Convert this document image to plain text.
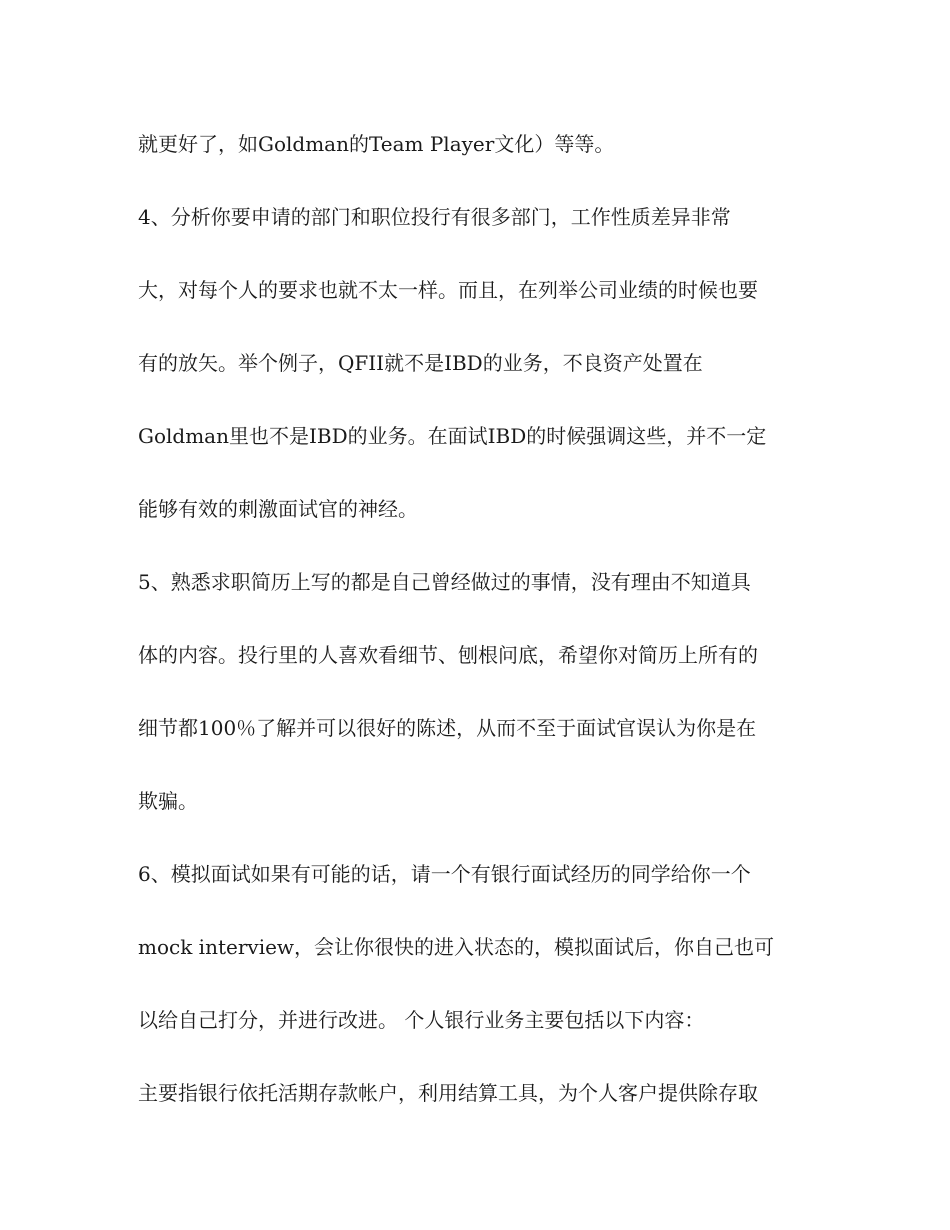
就更好了，如Goldman的Team Player文化）等等。
4、分析你要申请的部门和职位投行有很多部门，工作性质差异非常
大，对每个人的要求也就不太一样。而且，在列举公司业绩的时候也要
有的放矢。举个例子，QFII就不是IBD的业务，不良资产处置在
Goldman里也不是IBD的业务。在面试IBD的时候强调这些，并不一定
能够有效的刺激面试官的神经。
5、熟悉求职简历上写的都是自己曾经做过的事情，没有理由不知道具
体的内容。投行里的人喜欢看细节、刨根问底，希望你对简历上所有的
细节都100％了解并可以很好的陈述，从而不至于面试官误认为你是在
欺骗。
6、模拟面试如果有可能的话，请一个有银行面试经历的同学给你一个
mock interview，会让你很快的进入状态的，模拟面试后，你自己也可
以给自己打分，并进行改进。 个人银行业务主要包括以下内容：
主要指银行依托活期存款帐户，利用结算工具，为个人客户提供除存取
